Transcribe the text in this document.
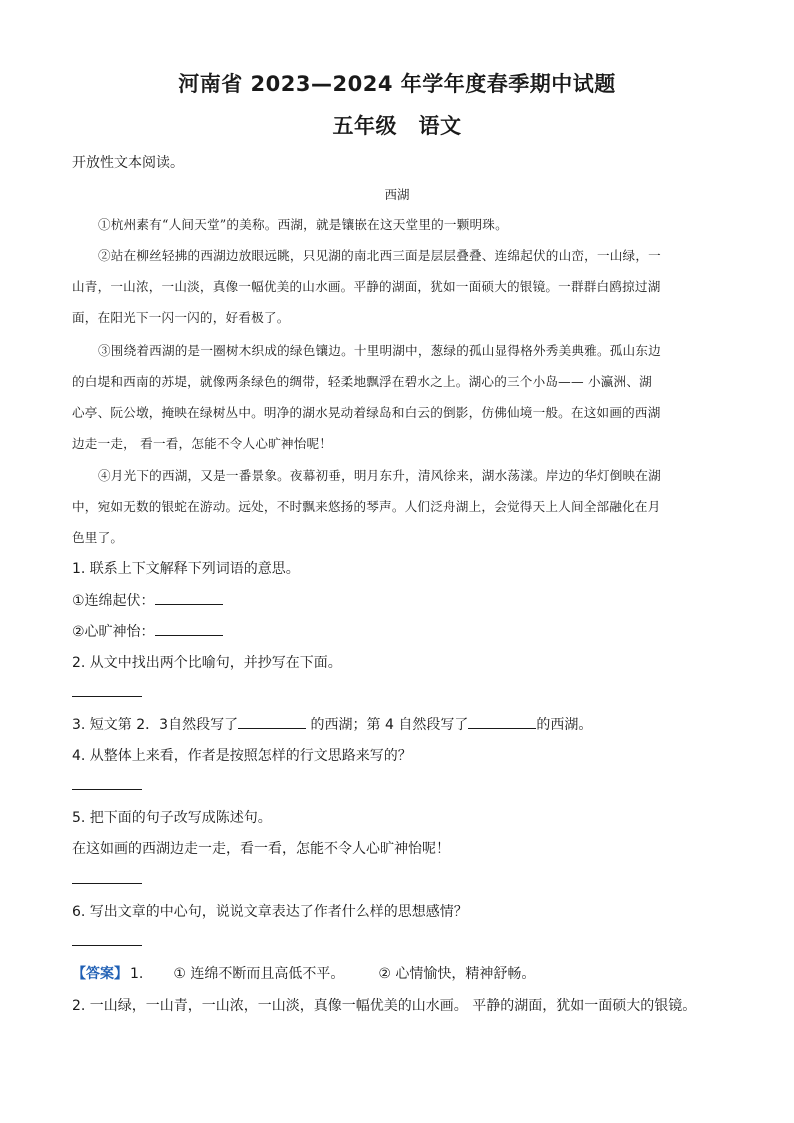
河南省 2023—2024 年学年度春季期中试题
五年级　语文
开放性文本阅读。
西湖
①杭州素有“人间天堂”的美称。西湖，就是镶嵌在这天堂里的一颗明珠。
②站在柳丝轻拂的西湖边放眼远眺，只见湖的南北西三面是层层叠叠、连绵起伏的山峦，一山绿，一
山青，一山浓，一山淡，真像一幅优美的山水画。平静的湖面，犹如一面硕大的银镜。一群群白鸥掠过湖
面，在阳光下一闪一闪的，好看极了。
③围绕着西湖的是一圈树木织成的绿色镶边。十里明湖中，葱绿的孤山显得格外秀美典雅。孤山东边
的白堤和西南的苏堤，就像两条绿色的绸带，轻柔地飘浮在碧水之上。湖心的三个小岛—— 小瀛洲、湖
心亭、阮公墩，掩映在绿树丛中。明净的湖水晃动着绿岛和白云的倒影，仿佛仙境一般。在这如画的西湖
边走一走， 看一看，怎能不令人心旷神怡呢！
④月光下的西湖，又是一番景象。夜幕初垂，明月东升，清风徐来，湖水荡漾。岸边的华灯倒映在湖
中，宛如无数的银蛇在游动。远处，不时飘来悠扬的琴声。人们泛舟湖上，会觉得天上人间全部融化在月
色里了。
1. 联系上下文解释下列词语的意思。
①连绵起伏：
②心旷神怡：
2. 从文中找出两个比喻句，并抄写在下面。
3. 短文第 2．3自然段写了	的西湖；第 4 自然段写了	的西湖。
4. 从整体上来看，作者是按照怎样的行文思路来写的？
5. 把下面的句子改写成陈述句。
在这如画的西湖边走一走，看一看，怎能不令人心旷神怡呢！
6. 写出文章的中心句，说说文章表达了作者什么样的思想感情？
【答案】 1. ① 连绵不断而且高低不平。 ② 心情愉快，精神舒畅。
2. 一山绿，一山青，一山浓，一山淡，真像一幅优美的山水画。 平静的湖面，犹如一面硕大的银镜。
